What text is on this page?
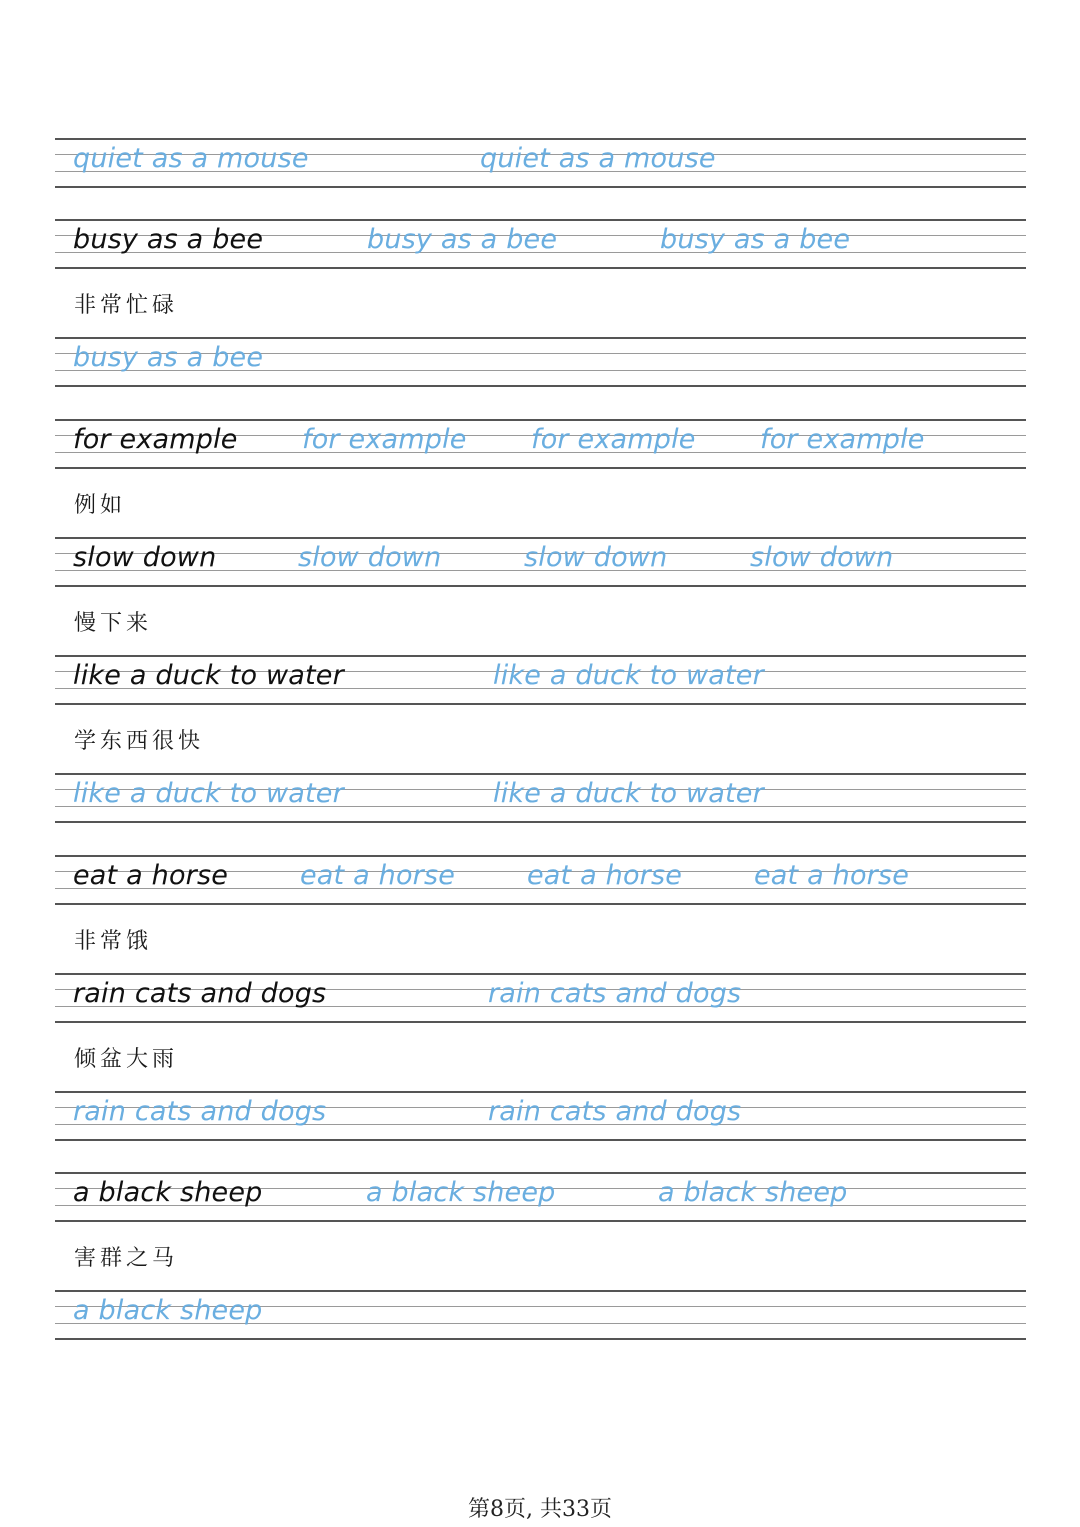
quiet as a mouse	quiet as a mouse
busy as a bee	busy as a bee	busy as a bee
busy as a bee
for example for example for example for example
slow down	slow down	slow down	slow down
like a duck to water	like a duck to water
like a duck to water	like a duck to water
eat a horse	eat a horse	eat a horse	eat a horse
rain cats and dogs	rain cats and dogs
rain cats and dogs	rain cats and dogs
a black sheep	a black sheep	a black sheep
a black sheep
非常忙碌
例如
慢下来
学东西很快
非常饿
倾盆大雨
害群之马
第8页, 共33页
